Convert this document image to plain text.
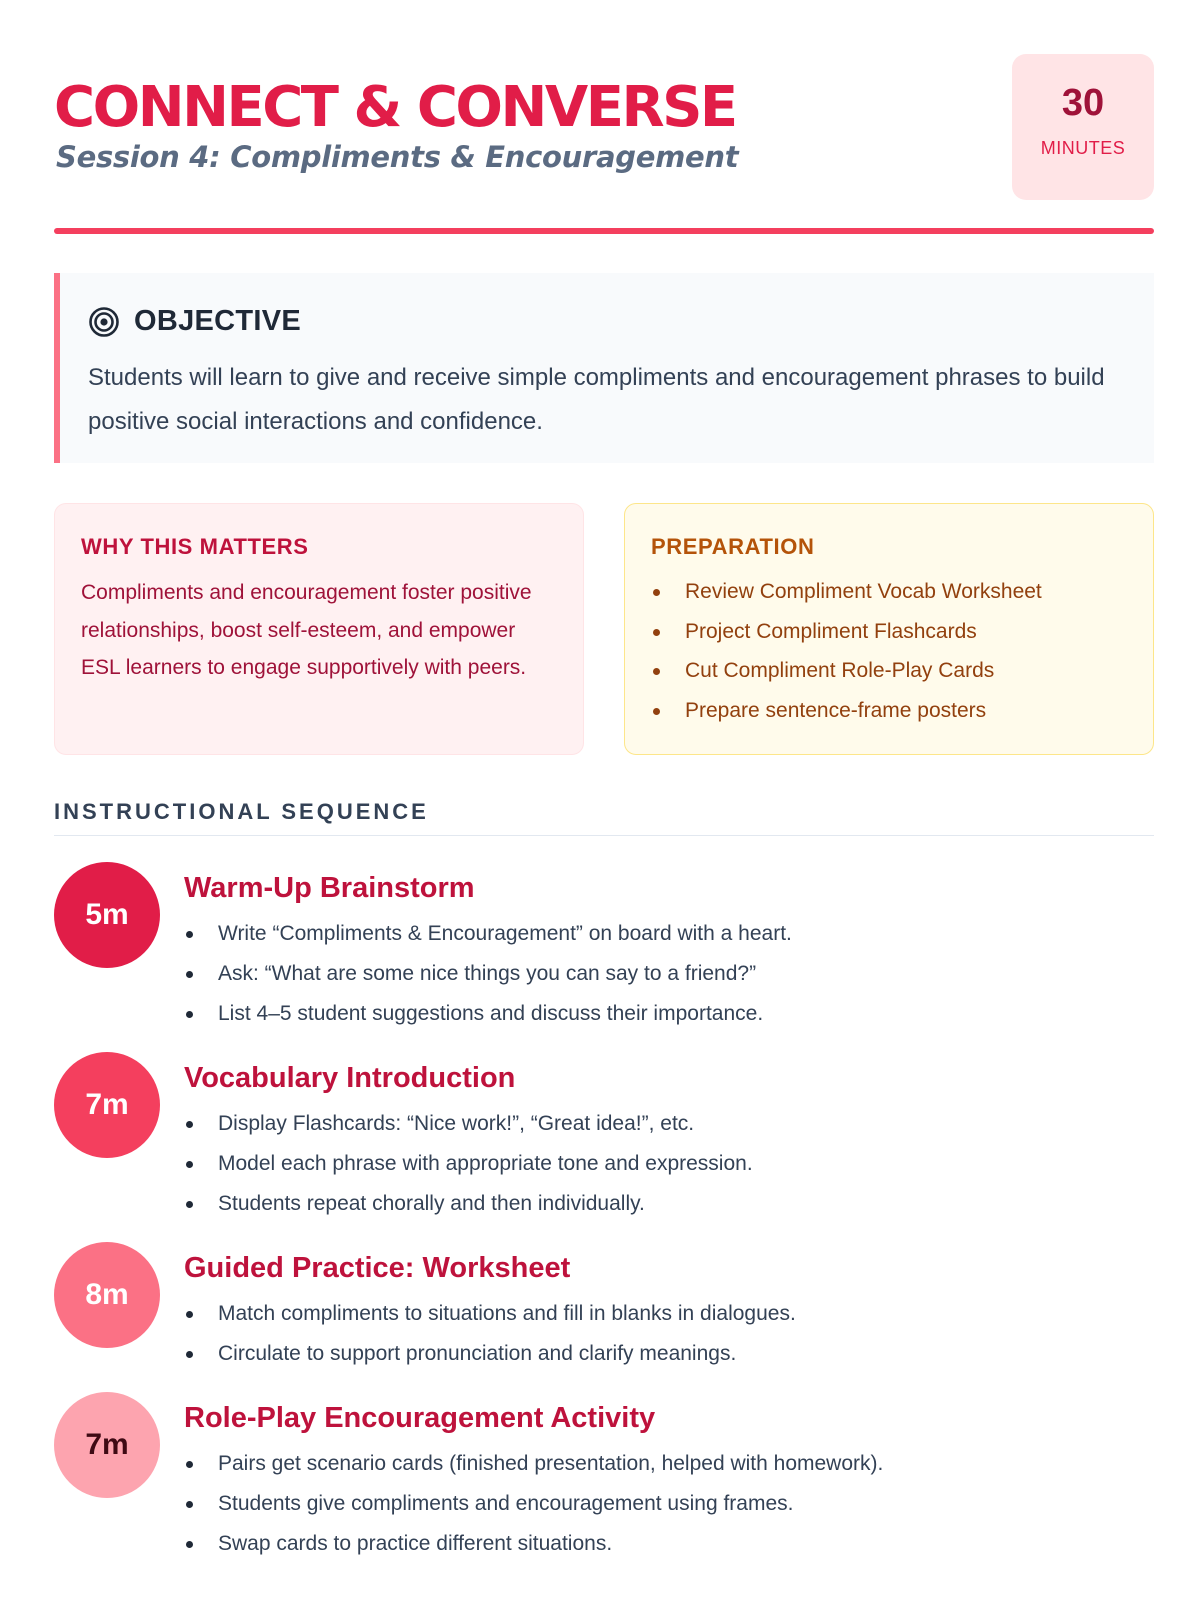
CONNECT & CONVERSE
Session 4: Compliments & Encouragement
30
MINUTES
OBJECTIVE

Students will learn to give and receive simple compliments and encouragement phrases to build positive social interactions and confidence.

WHY THIS MATTERS

Compliments and encouragement foster positive relationships, boost self-esteem, and empower ESL learners to engage supportively with peers.

PREPARATION
Review Compliment Vocab Worksheet
Project Compliment Flashcards
Cut Compliment Role-Play Cards
Prepare sentence-frame posters
INSTRUCTIONAL SEQUENCE
5m
Warm-Up Brainstorm
Write “Compliments & Encouragement” on board with a heart.
Ask: “What are some nice things you can say to a friend?”
List 4–5 student suggestions and discuss their importance.
7m
Vocabulary Introduction
Display Flashcards: “Nice work!”, “Great idea!”, etc.
Model each phrase with appropriate tone and expression.
Students repeat chorally and then individually.
8m
Guided Practice: Worksheet
Match compliments to situations and fill in blanks in dialogues.
Circulate to support pronunciation and clarify meanings.
7m
Role-Play Encouragement Activity
Pairs get scenario cards (finished presentation, helped with homework).
Students give compliments and encouragement using frames.
Swap cards to practice different situations.
